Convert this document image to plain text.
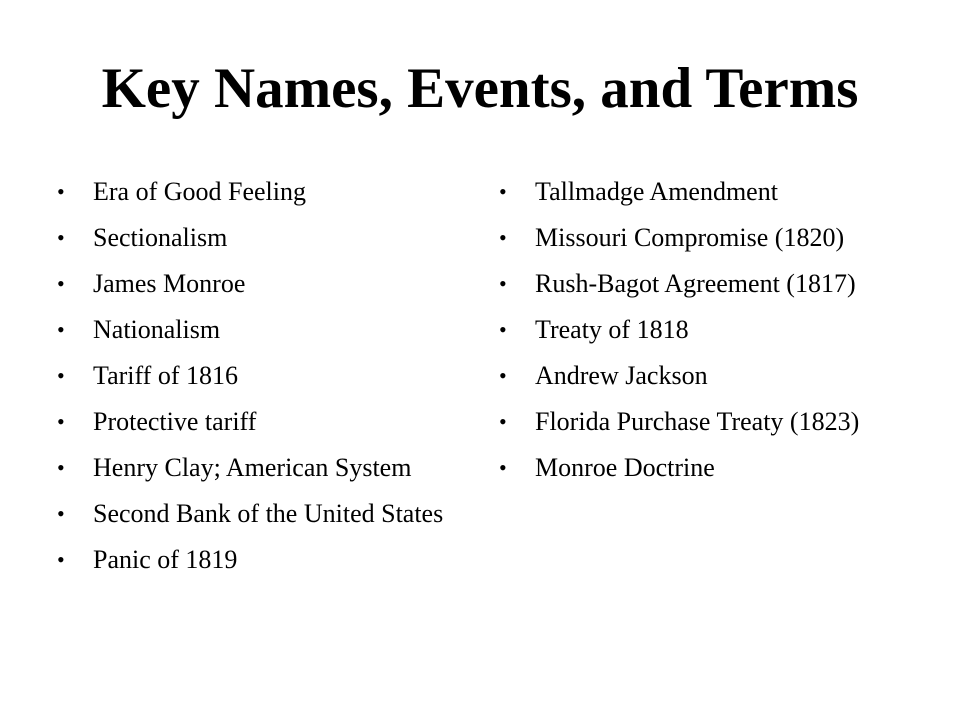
Key Names, Events, and Terms
• Era of Good Feeling
• Sectionalism
• James Monroe
• Nationalism
• Tariff of 1816
• Protective tariff
• Henry Clay; American System
• Second Bank of the United States
• Panic of 1819
• Tallmadge Amendment
• Missouri Compromise (1820)
• Rush-Bagot Agreement (1817)
• Treaty of 1818
• Andrew Jackson
• Florida Purchase Treaty (1823)
• Monroe Doctrine
